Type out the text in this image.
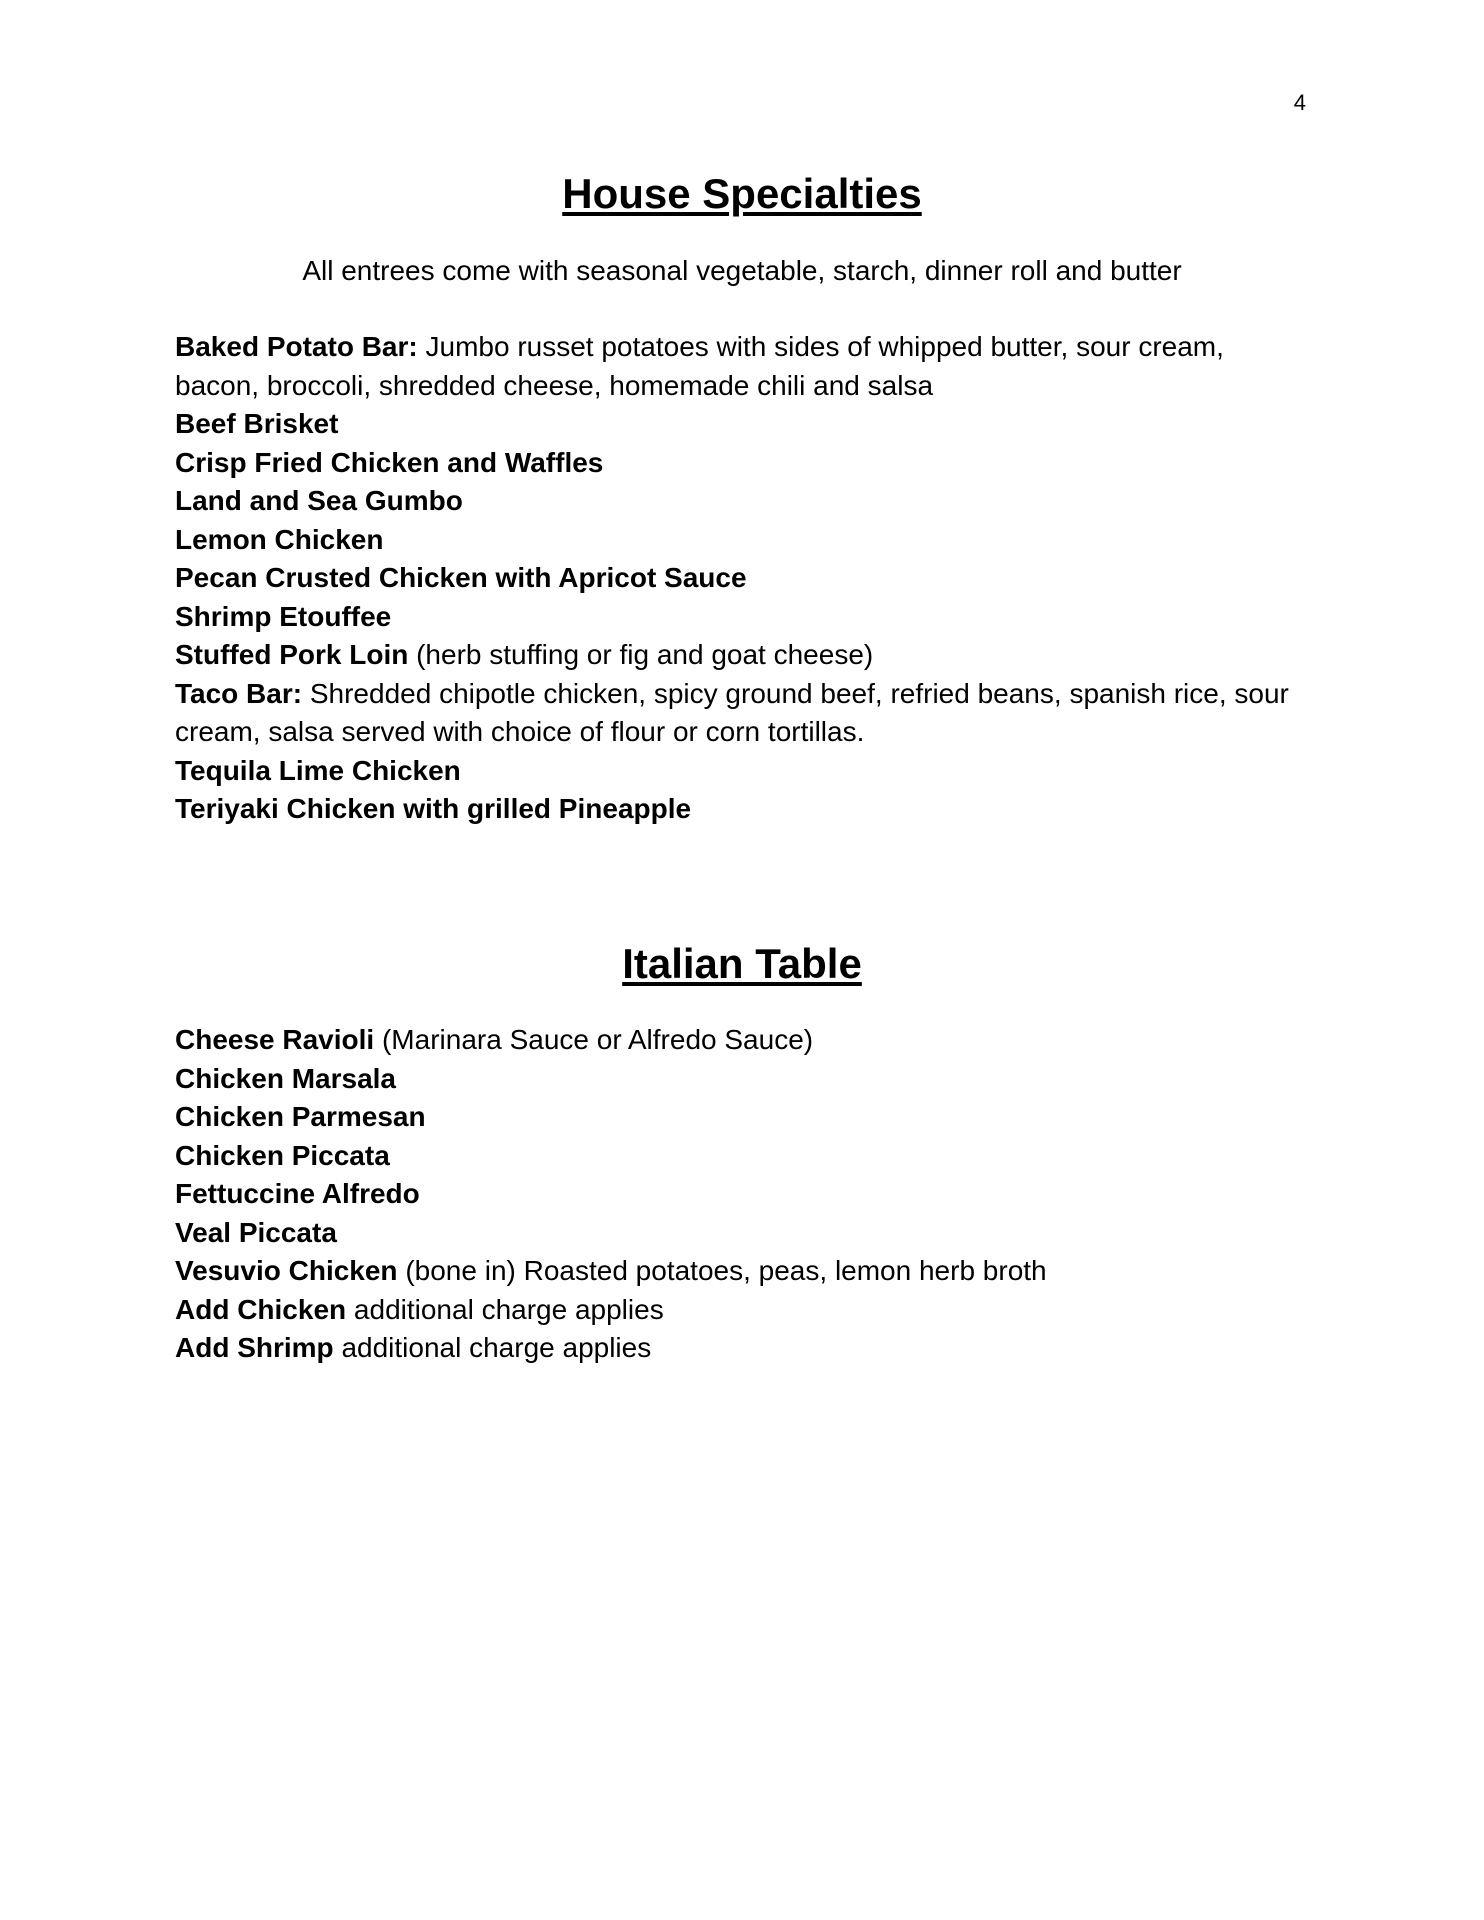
4
House Specialties

All entrees come with seasonal vegetable, starch, dinner roll and butter

Baked Potato Bar: Jumbo russet potatoes with sides of whipped butter, sour cream, bacon, broccoli, shredded cheese, homemade chili and salsa
Beef Brisket
Crisp Fried Chicken and Waffles
Land and Sea Gumbo
Lemon Chicken
Pecan Crusted Chicken with Apricot Sauce
Shrimp Etouffee
Stuffed Pork Loin (herb stuffing or fig and goat cheese)
Taco Bar: Shredded chipotle chicken, spicy ground beef, refried beans, spanish rice, sour cream, salsa served with choice of flour or corn tortillas.
Tequila Lime Chicken
Teriyaki Chicken with grilled Pineapple
Italian Table
Cheese Ravioli (Marinara Sauce or Alfredo Sauce)
Chicken Marsala
Chicken Parmesan
Chicken Piccata
Fettuccine Alfredo
Veal Piccata
Vesuvio Chicken (bone in) Roasted potatoes, peas, lemon herb broth
Add Chicken additional charge applies
Add Shrimp additional charge applies
